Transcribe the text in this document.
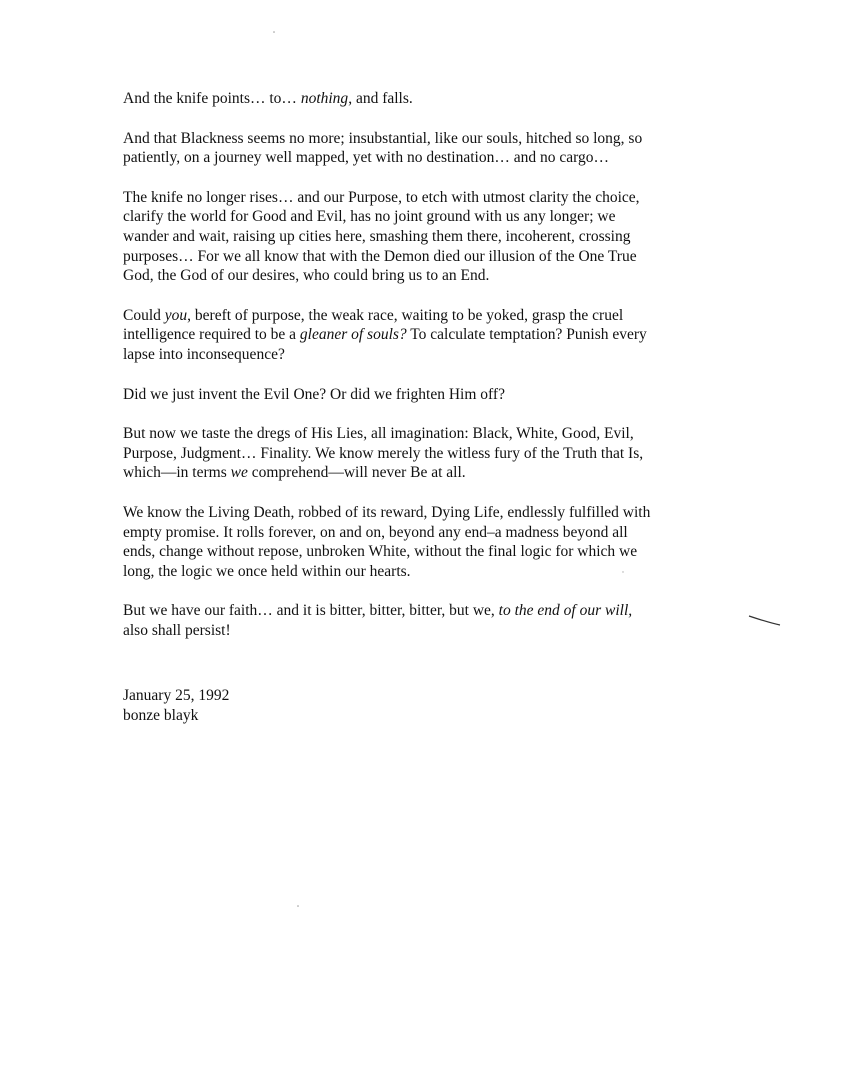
And the knife points… to… nothing, and falls.

And that Blackness seems no more; insubstantial, like our souls, hitched so long, so patiently, on a journey well mapped, yet with no destination… and no cargo…

The knife no longer rises… and our Purpose, to etch with utmost clarity the choice, clarify the world for Good and Evil, has no joint ground with us any longer; we wander and wait, raising up cities here, smashing them there, incoherent, crossing purposes… For we all know that with the Demon died our illusion of the One True God, the God of our desires, who could bring us to an End.

Could you, bereft of purpose, the weak race, waiting to be yoked, grasp the cruel intelligence required to be a gleaner of souls? To calculate temptation? Punish every lapse into inconsequence?

Did we just invent the Evil One? Or did we frighten Him off?

But now we taste the dregs of His Lies, all imagination: Black, White, Good, Evil, Purpose, Judgment… Finality. We know merely the witless fury of the Truth that Is, which—in terms we comprehend—will never Be at all.

We know the Living Death, robbed of its reward, Dying Life, endlessly fulfilled with empty promise. It rolls forever, on and on, beyond any end–a madness beyond all ends, change without repose, unbroken White, without the final logic for which we long, the logic we once held within our hearts.

But we have our faith… and it is bitter, bitter, bitter, but we, to the end of our will, also shall persist!

January 25, 1992
bonze blayk
